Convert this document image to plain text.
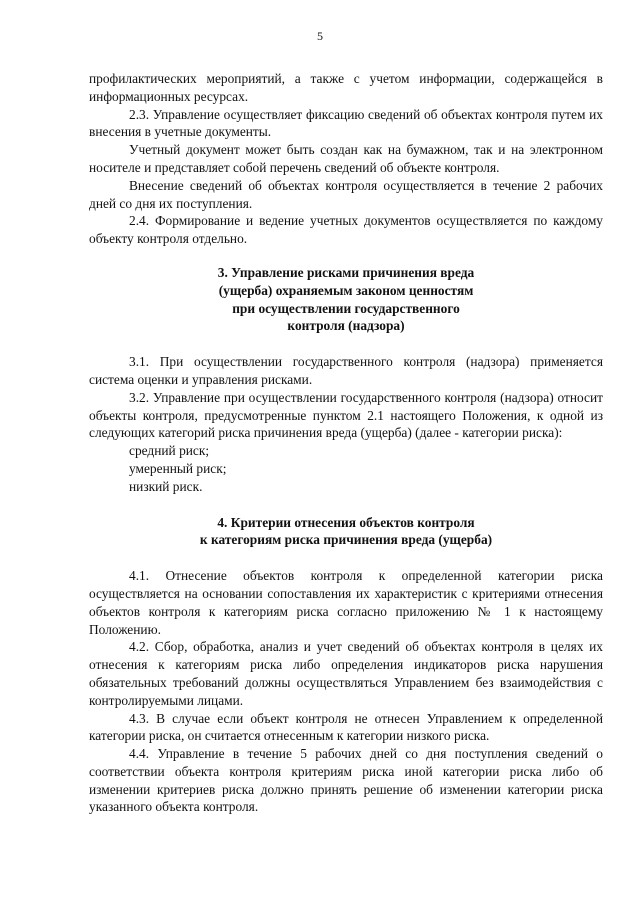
5

профилактических мероприятий, а также с учетом информации, содержащейся в информационных ресурсах.

2.3. Управление осуществляет фиксацию сведений об объектах контроля путем их внесения в учетные документы.

Учетный документ может быть создан как на бумажном, так и на электронном носителе и представляет собой перечень сведений об объекте контроля.

Внесение сведений об объектах контроля осуществляется в течение 2 рабочих дней со дня их поступления.

2.4. Формирование и ведение учетных документов осуществляется по каждому объекту контроля отдельно.

3. Управление рисками причинения вреда
(ущерба) охраняемым законом ценностям
при осуществлении государственного
контроля (надзора)

3.1. При осуществлении государственного контроля (надзора) применяется система оценки и управления рисками.

3.2. Управление при осуществлении государственного контроля (надзора) относит объекты контроля, предусмотренные пунктом 2.1 настоящего Положения, к одной из следующих категорий риска причинения вреда (ущерба) (далее - категории риска):

средний риск;

умеренный риск;

низкий риск.

4. Критерии отнесения объектов контроля
к категориям риска причинения вреда (ущерба)

4.1. Отнесение объектов контроля к определенной категории риска осуществляется на основании сопоставления их характеристик с критериями отнесения объектов контроля к категориям риска согласно приложению № 1 к настоящему Положению.

4.2. Сбор, обработка, анализ и учет сведений об объектах контроля в целях их отнесения к категориям риска либо определения индикаторов риска нарушения обязательных требований должны осуществляться Управлением без взаимодействия с контролируемыми лицами.

4.3. В случае если объект контроля не отнесен Управлением к определенной категории риска, он считается отнесенным к категории низкого риска.

4.4. Управление в течение 5 рабочих дней со дня поступления сведений о соответствии объекта контроля критериям риска иной категории риска либо об изменении критериев риска должно принять решение об изменении категории риска указанного объекта контроля.
